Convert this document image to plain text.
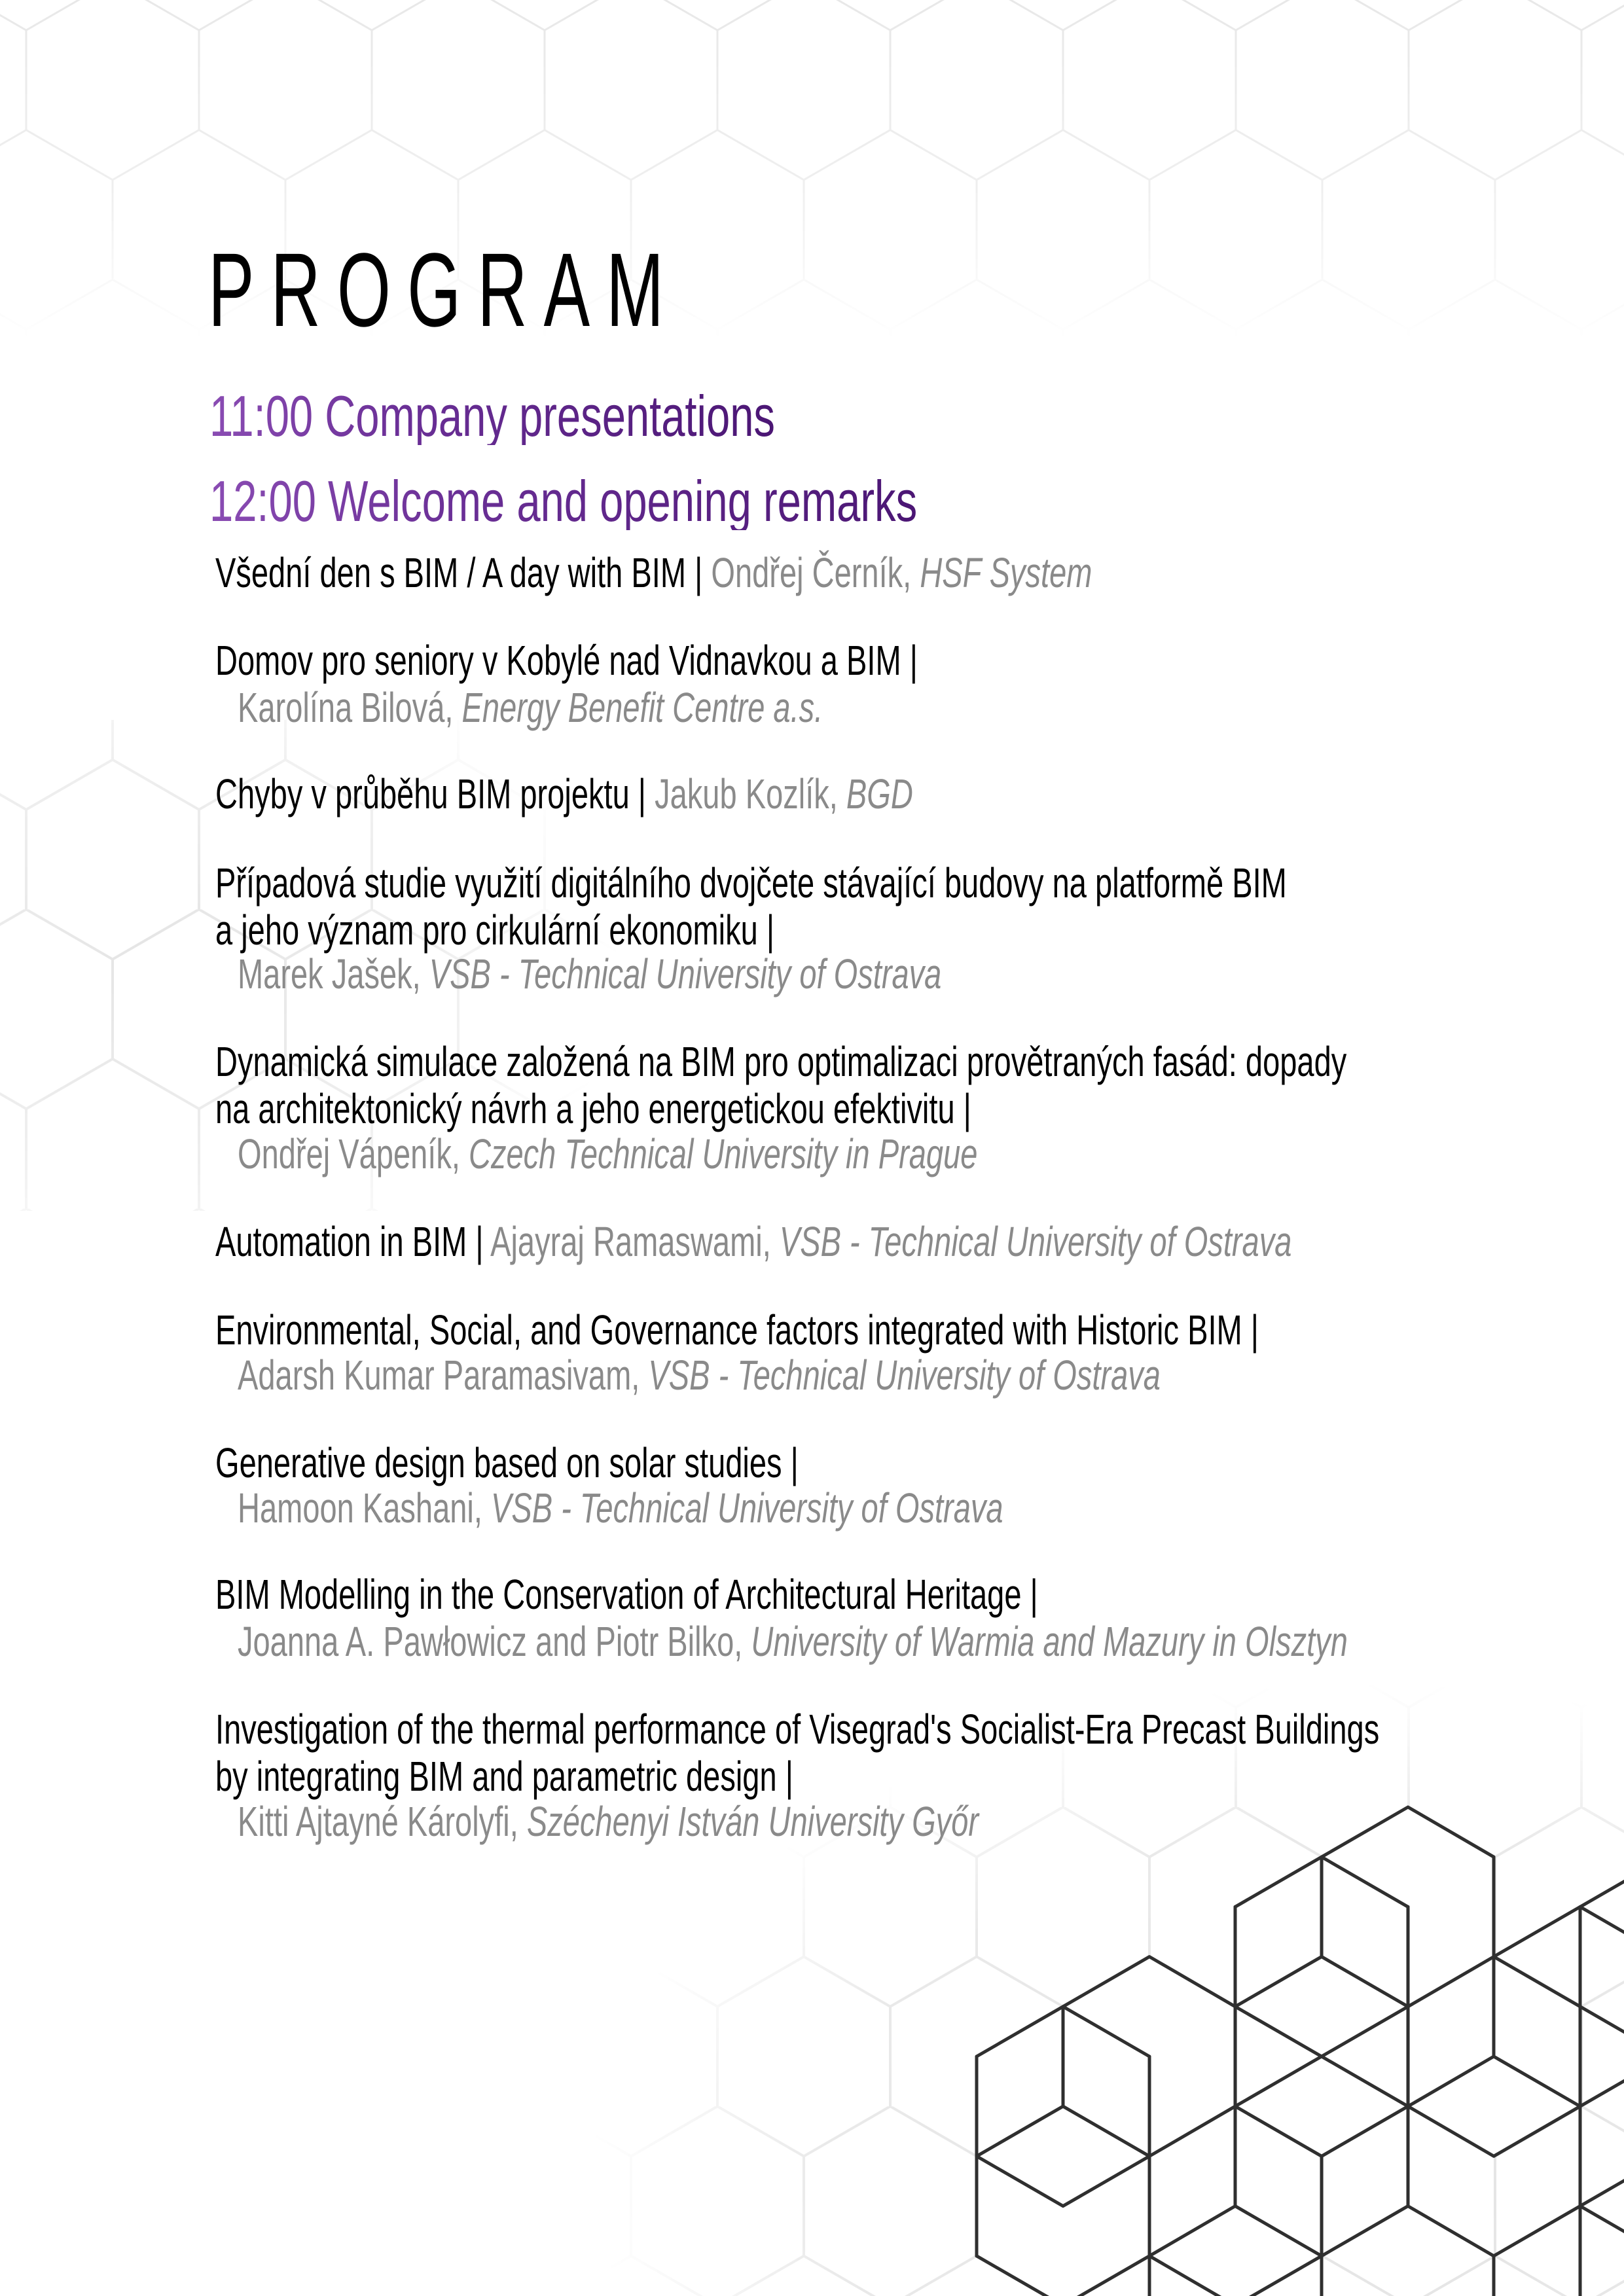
PROGRAM
11:00 Company presentations
12:00 Welcome and opening remarks
Všední den s BIM / A day with BIM | Ondřej Černík, HSF System
Domov pro seniory v Kobylé nad Vidnavkou a BIM |
Karolína Bilová, Energy Benefit Centre a.s.
Chyby v průběhu BIM projektu | Jakub Kozlík, BGD
Případová studie využití digitálního dvojčete stávající budovy na platformě BIM
a jeho význam pro cirkulární ekonomiku |
Marek Jašek, VSB - Technical University of Ostrava
Dynamická simulace založená na BIM pro optimalizaci provětraných fasád: dopady
na architektonický návrh a jeho energetickou efektivitu |
Ondřej Vápeník, Czech Technical University in Prague
Automation in BIM | Ajayraj Ramaswami, VSB - Technical University of Ostrava
Environmental, Social, and Governance factors integrated with Historic BIM |
Adarsh Kumar Paramasivam, VSB - Technical University of Ostrava
Generative design based on solar studies |
Hamoon Kashani, VSB - Technical University of Ostrava
BIM Modelling in the Conservation of Architectural Heritage |
Joanna A. Pawłowicz and Piotr Bilko, University of Warmia and Mazury in Olsztyn
Investigation of the thermal performance of Visegrad's Socialist-Era Precast Buildings
by integrating BIM and parametric design |
Kitti Ajtayné Károlyfi, Széchenyi István University Győr
